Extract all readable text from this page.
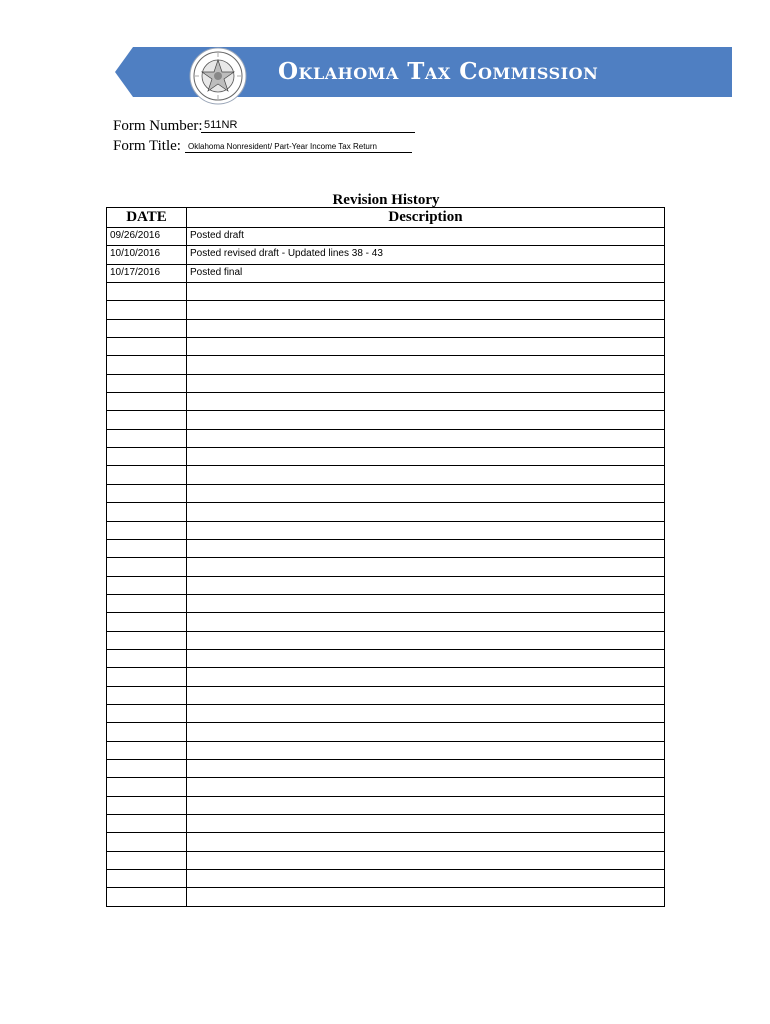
Oklahoma Tax Commission
Form Number: 511NR
Form Title: Oklahoma Nonresident/ Part-Year Income Tax Return
Revision History
DATE	Description
09/26/2016	Posted draft
10/10/2016	Posted revised draft - Updated lines 38 - 43
10/17/2016	Posted final
